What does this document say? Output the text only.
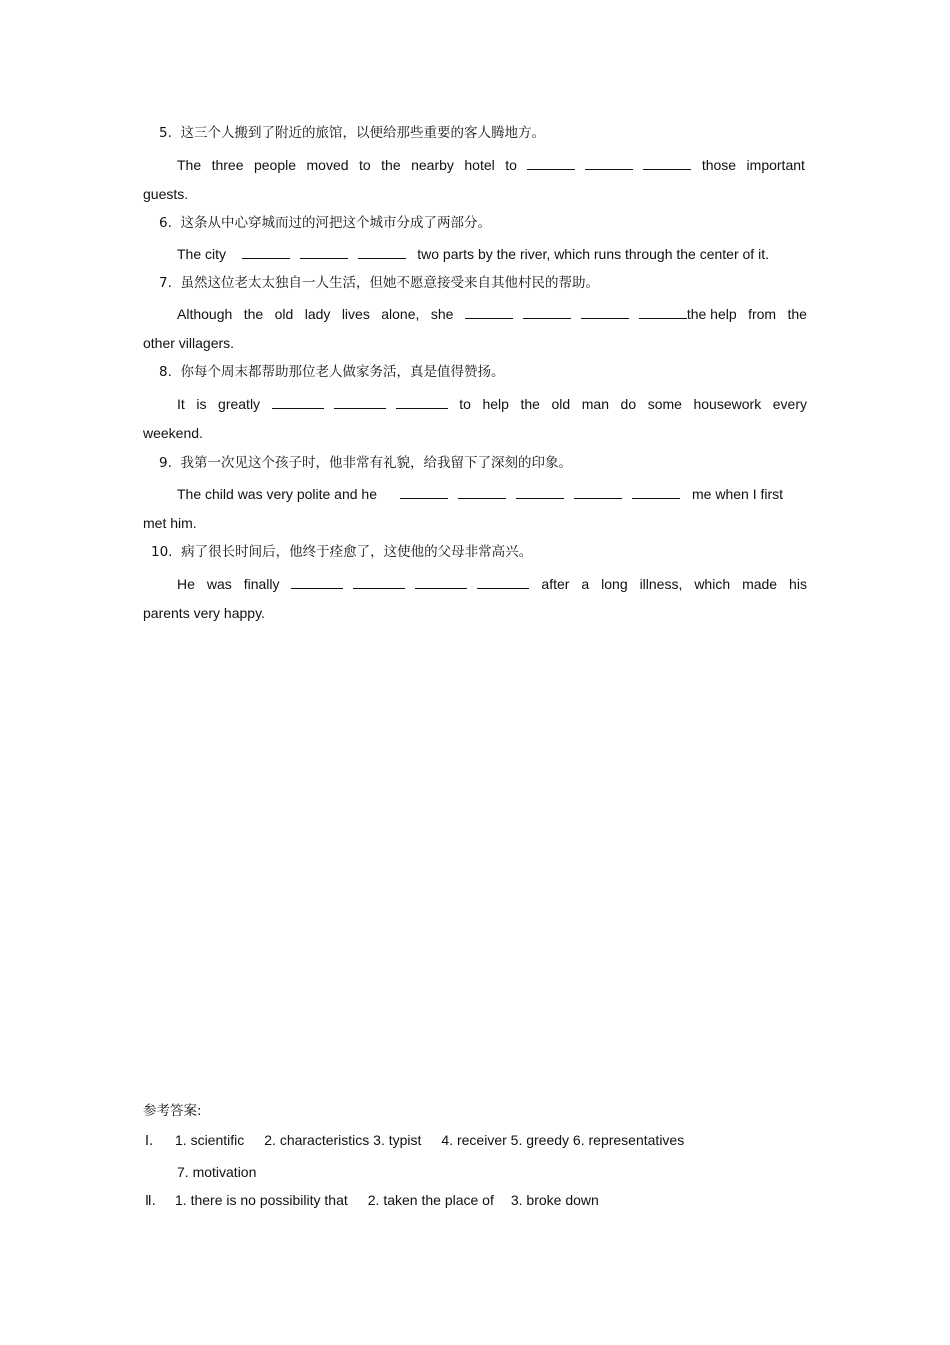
5. 这三个人搬到了附近的旅馆，以便给那些重要的客人腾地方。
The three people moved to the nearby hotel to	those important
guests.
6. 这条从中心穿城而过的河把这个城市分成了两部分。
The city	two parts by the river, which runs through the center of it.
7. 虽然这位老太太独自一人生活，但她不愿意接受来自其他村民的帮助。
Although the old lady lives alone, she	the help from the
other villagers.
8. 你每个周末都帮助那位老人做家务活，真是值得赞扬。
It is greatly	to help the old man do some housework every
weekend.
9. 我第一次见这个孩子时，他非常有礼貌，给我留下了深刻的印象。
The child was very polite and he	me when I first
met him.
10. 病了很长时间后，他终于痊愈了，这使他的父母非常高兴。
He was finally	after a long illness, which made his
parents very happy.
参考答案:
Ⅰ. 1. scientific 2. characteristics 3. typist 4. receiver 5. greedy 6. representatives
7. motivation
Ⅱ. 1. there is no possibility that 2. taken the place of 3. broke down
